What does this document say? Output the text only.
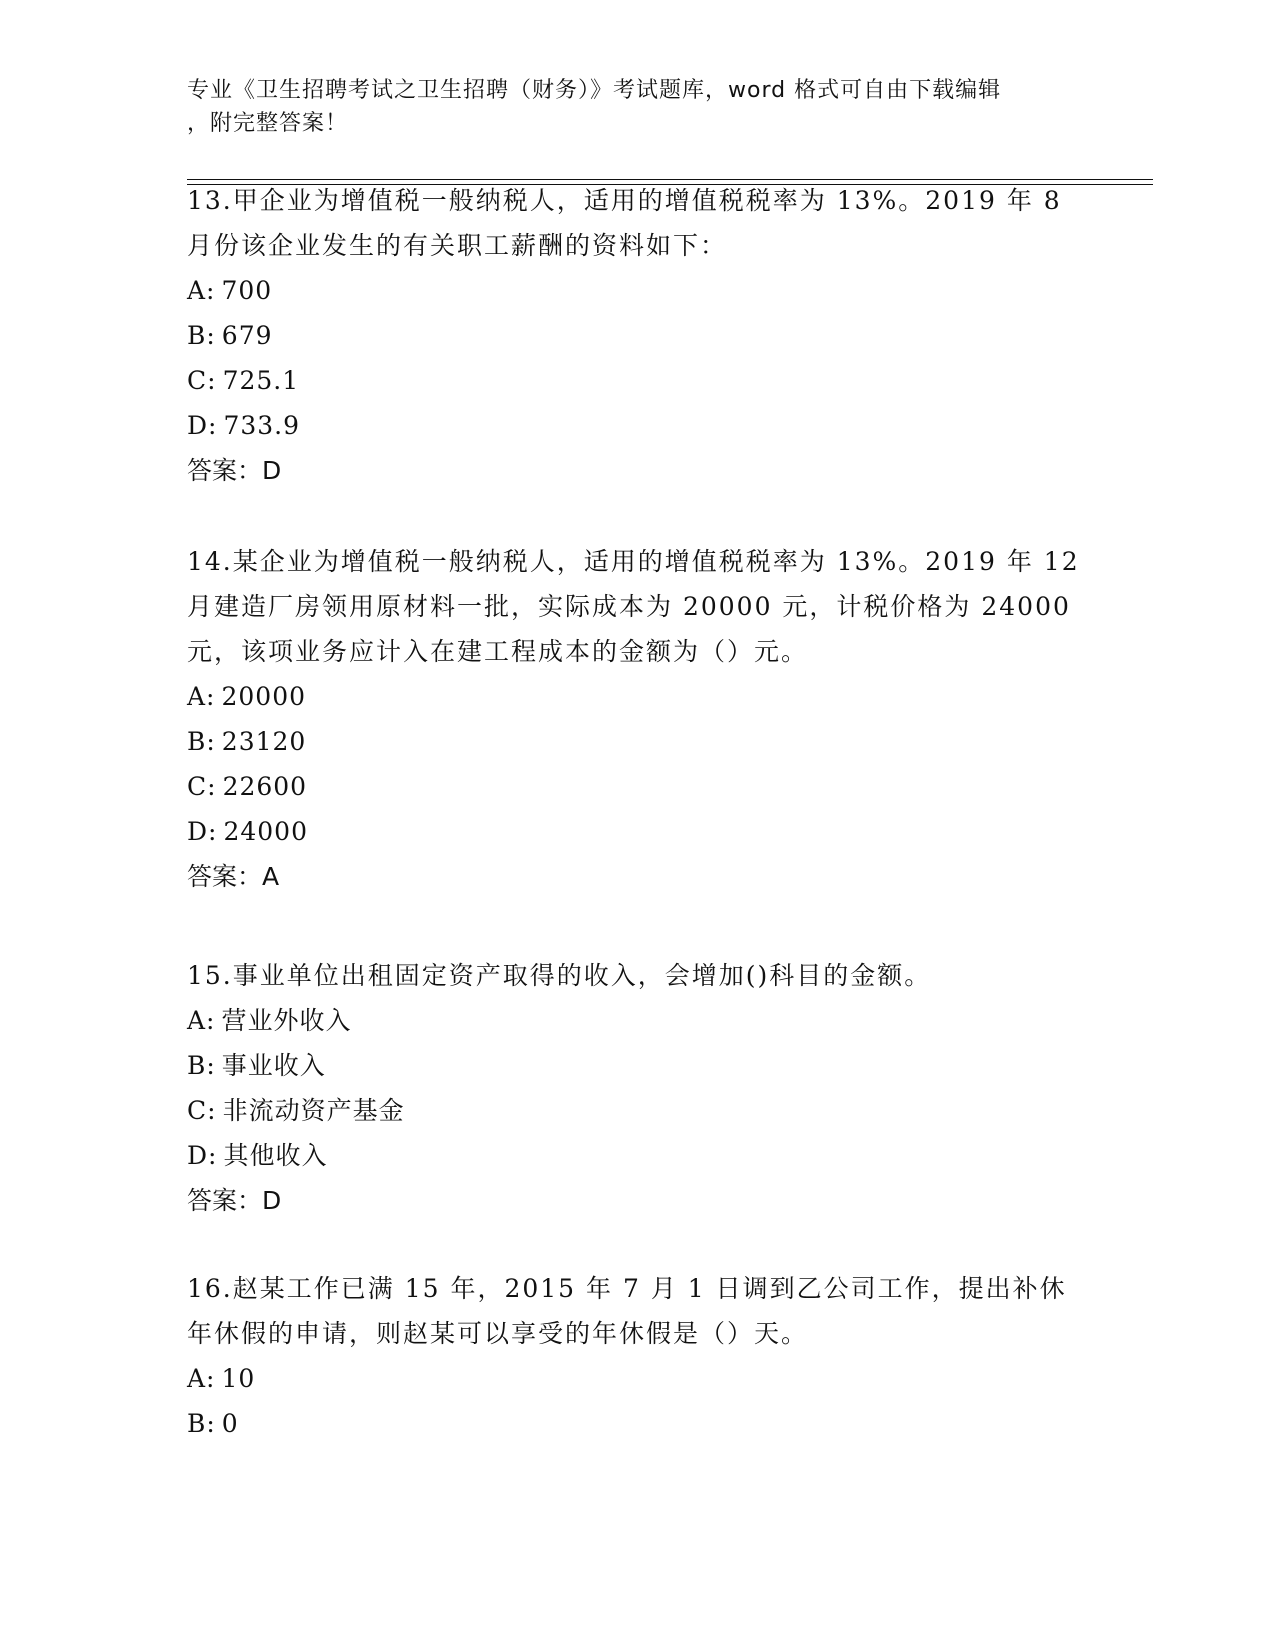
专业《卫生招聘考试之卫生招聘（财务）》考试题库，word 格式可自由下载编辑
，附完整答案！

13.甲企业为增值税一般纳税人，适用的增值税税率为 13%。2019 年 8

月份该企业发生的有关职工薪酬的资料如下：

A: 700

B: 679

C: 725.1

D: 733.9

答案：D

14.某企业为增值税一般纳税人，适用的增值税税率为 13%。2019 年 12

月建造厂房领用原材料一批，实际成本为 20000 元，计税价格为 24000

元，该项业务应计入在建工程成本的金额为（）元。

A: 20000

B: 23120

C: 22600

D: 24000

答案：A

15.事业单位出租固定资产取得的收入，会增加()科目的金额。

A: 营业外收入

B: 事业收入

C: 非流动资产基金

D: 其他收入

答案：D

16.赵某工作已满 15 年，2015 年 7 月 1 日调到乙公司工作，提出补休

年休假的申请，则赵某可以享受的年休假是（）天。

A: 10

B: 0
